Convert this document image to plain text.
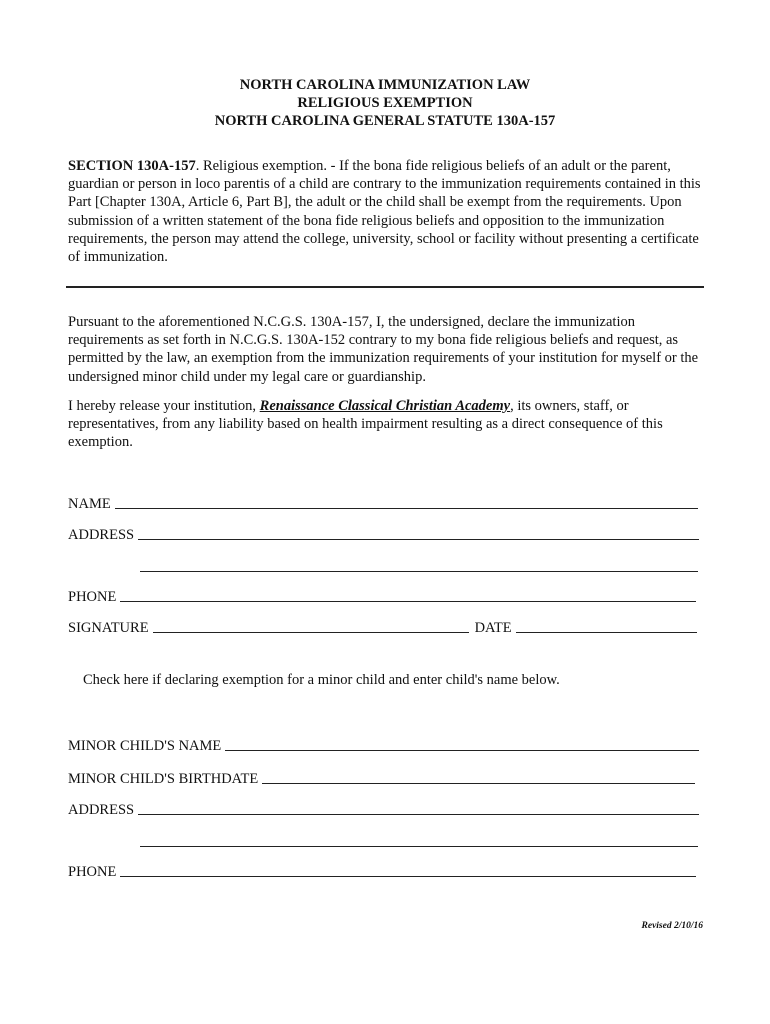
NORTH CAROLINA IMMUNIZATION LAW
RELIGIOUS EXEMPTION
NORTH CAROLINA GENERAL STATUTE 130A-157
SECTION 130A-157. Religious exemption. - If the bona fide religious beliefs of an adult or the parent, guardian or person in loco parentis of a child are contrary to the immunization requirements contained in this Part [Chapter 130A, Article 6, Part B], the adult or the child shall be exempt from the requirements. Upon submission of a written statement of the bona fide religious beliefs and opposition to the immunization requirements, the person may attend the college, university, school or facility without presenting a certificate of immunization.
Pursuant to the aforementioned N.C.G.S. 130A-157, I, the undersigned, declare the immunization requirements as set forth in N.C.G.S. 130A-152 contrary to my bona fide religious beliefs and request, as permitted by the law, an exemption from the immunization requirements of your institution for myself or the undersigned minor child under my legal care or guardianship.
I hereby release your institution, Renaissance Classical Christian Academy, its owners, staff, or representatives, from any liability based on health impairment resulting as a direct consequence of this exemption.
NAME
ADDRESS
PHONE
SIGNATURE	DATE
Check here if declaring exemption for a minor child and enter child's name below.
MINOR CHILD'S NAME
MINOR CHILD'S BIRTHDATE
ADDRESS
PHONE
Revised 2/10/16
